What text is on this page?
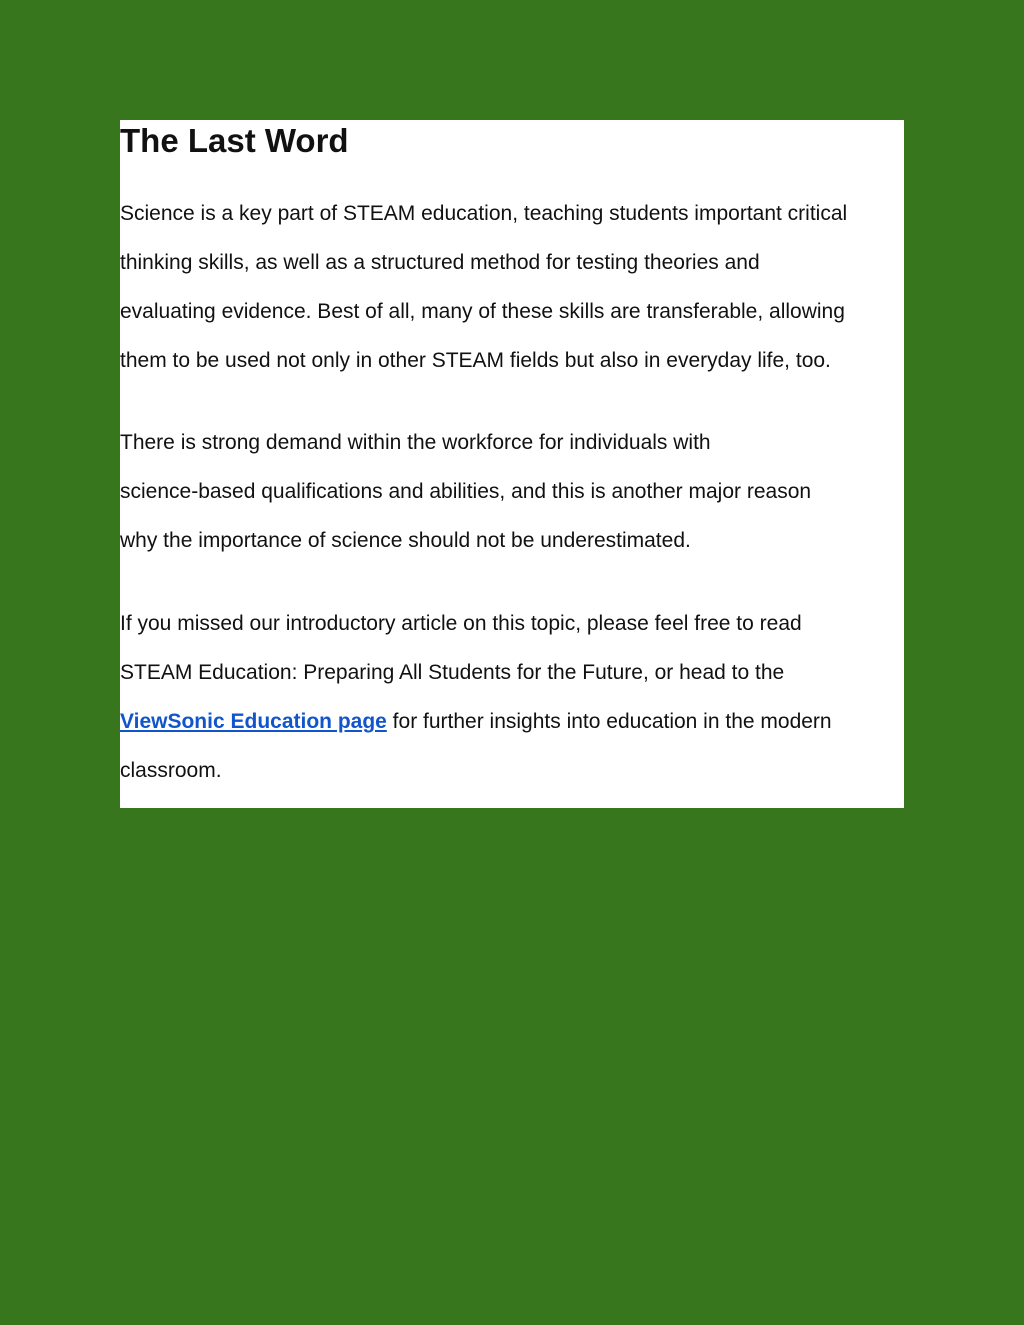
The Last Word

Science is a key part of STEAM education, teaching students important critical

thinking skills, as well as a structured method for testing theories and

evaluating evidence. Best of all, many of these skills are transferable, allowing

them to be used not only in other STEAM fields but also in everyday life, too.

There is strong demand within the workforce for individuals with

science-based qualifications and abilities, and this is another major reason

why the importance of science should not be underestimated.

If you missed our introductory article on this topic, please feel free to read

STEAM Education: Preparing All Students for the Future, or head to the

ViewSonic Education page for further insights into education in the modern

classroom.
